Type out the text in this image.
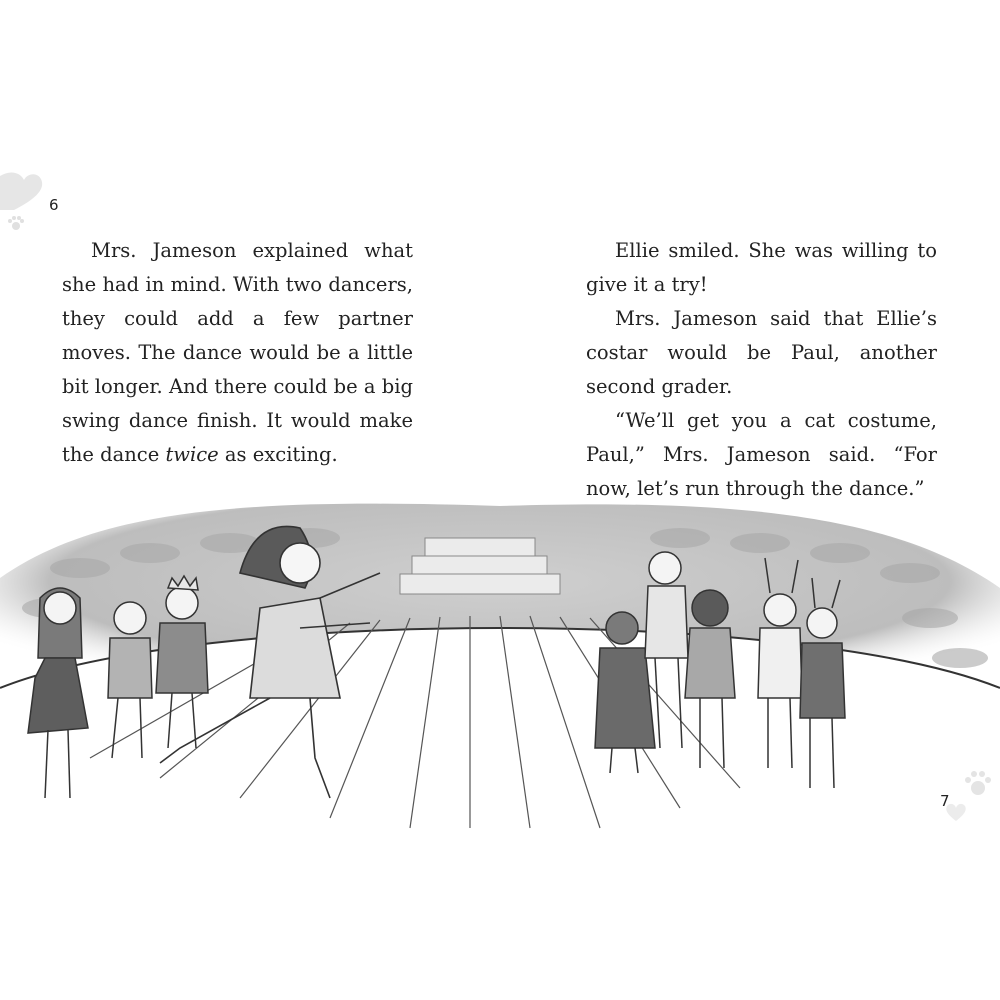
6

Mrs. Jameson explained what she had in mind. With two dancers, they could add a few partner moves. The dance would be a little bit longer. And there could be a big swing dance finish. It would make the dance twice as exciting.

Ellie smiled. She was willing to give it a try!

Mrs. Jameson said that Ellie’s costar would be Paul, another second grader.

“We’ll get you a cat costume, Paul,” Mrs. Jameson said. “For now, let’s run through the dance.”

7
